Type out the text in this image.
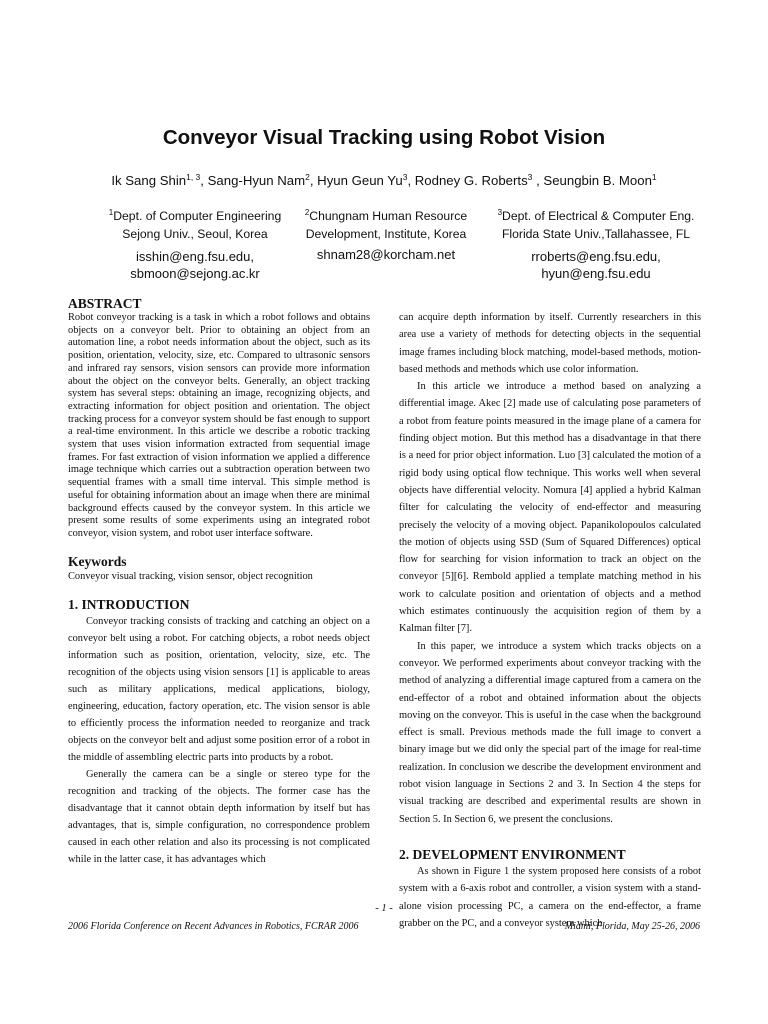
Conveyor Visual Tracking using Robot Vision

Ik Sang Shin$^{1, 3}$, Sang-Hyun Nam$^2$, Hyun Geun Yu$^3$, Rodney G. Roberts$^3$ , Seungbin B. Moon$^1$

$^1$Dept. of Computer Engineering
Sejong Univ., Seoul, Korea
isshin@eng.fsu.edu,
sbmoon@sejong.ac.kr
$^2$Chungnam Human Resource
Development, Institute, Korea
shnam28@korcham.net
$^3$Dept. of Electrical & Computer Eng.
Florida State Univ.,Tallahassee, FL
rroberts@eng.fsu.edu,
hyun@eng.fsu.edu
ABSTRACT

Robot conveyor tracking is a task in which a robot follows and obtains objects on a conveyor belt. Prior to obtaining an object from an automation line, a robot needs information about the object, such as its position, orientation, velocity, size, etc. Compared to ultrasonic sensors and infrared ray sensors, vision sensors can provide more information about the object on the conveyor belts. Generally, an object tracking system has several steps: obtaining an image, recognizing objects, and extracting information for object position and orientation. The object tracking process for a conveyor system should be fast enough to support a real-time environment. In this article we describe a robotic tracking system that uses vision information extracted from sequential image frames. For fast extraction of vision information we applied a difference image technique which carries out a subtraction operation between two sequential frames with a small time interval. This simple method is useful for obtaining information about an image when there are minimal background effects caused by the conveyor system. In this article we present some results of some experiments using an integrated robot conveyor, vision system, and robot user interface software.

Keywords

Conveyor visual tracking, vision sensor, object recognition

1. INTRODUCTION

Conveyor tracking consists of tracking and catching an object on a conveyor belt using a robot. For catching objects, a robot needs object information such as position, orientation, velocity, size, etc. The recognition of the objects using vision sensors [1] is applicable to areas such as military applications, medical applications, biology, engineering, education, factory operation, etc. The vision sensor is able to efficiently process the information needed to reorganize and track objects on the conveyor belt and adjust some position error of a robot in the middle of assembling electric parts into products by a robot.

Generally the camera can be a single or stereo type for the recognition and tracking of the objects. The former case has the disadvantage that it cannot obtain depth information by itself but has advantages, that is, simple configuration, no correspondence problem caused in each other relation and also its processing is not complicated while in the latter case, it has advantages which

can acquire depth information by itself. Currently researchers in this area use a variety of methods for detecting objects in the sequential image frames including block matching, model-based methods, motion-based methods and methods which use color information.

In this article we introduce a method based on analyzing a differential image. Akec [2] made use of calculating pose parameters of a robot from feature points measured in the image plane of a camera for finding object motion. But this method has a disadvantage in that there is a need for prior object information. Luo [3] calculated the motion of a rigid body using optical flow technique. This works well when several objects have differential velocity. Nomura [4] applied a hybrid Kalman filter for calculating the velocity of end-effector and measuring precisely the velocity of a moving object. Papanikolopoulos calculated the motion of objects using SSD (Sum of Squared Differences) optical flow for searching for vision information to track an object on the conveyor [5][6]. Rembold applied a template matching method in his work to calculate position and orientation of objects and a method which estimates continuously the acquisition region of them by a Kalman filter [7].

In this paper, we introduce a system which tracks objects on a conveyor. We performed experiments about conveyor tracking with the method of analyzing a differential image captured from a camera on the end-effector of a robot and obtained information about the objects moving on the conveyor. This is useful in the case when the background effect is small. Previous methods made the full image to convert a binary image but we did only the special part of the image for real-time realization. In conclusion we describe the development environment and robot vision language in Sections 2 and 3. In Section 4 the steps for visual tracking are described and experimental results are shown in Section 5. In Section 6, we present the conclusions.

2. DEVELOPMENT ENVIRONMENT

As shown in Figure 1 the system proposed here consists of a robot system with a 6-axis robot and controller, a vision system with a stand-alone vision processing PC, a camera on the end-effector, a frame grabber on the PC, and a conveyor system which

- 1 -
2006 Florida Conference on Recent Advances in Robotics, FCRAR 2006	Miami, Florida, May 25-26, 2006
